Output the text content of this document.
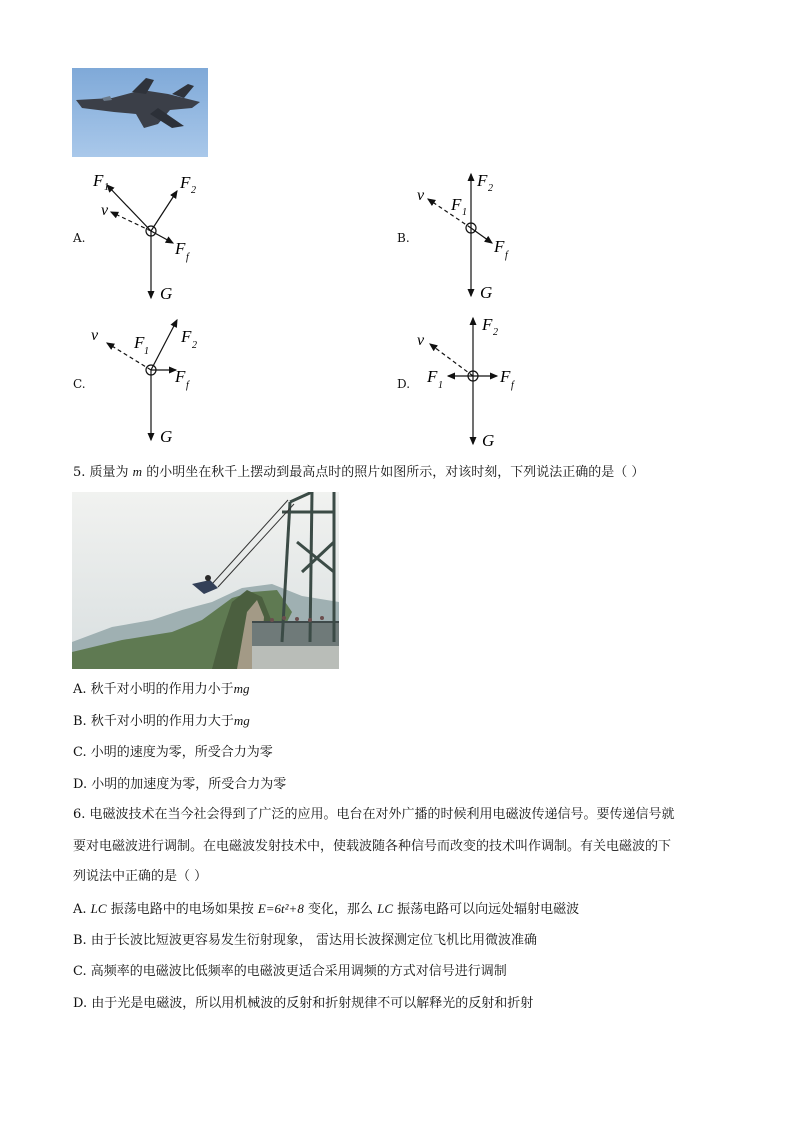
A.
F 1	F 2
v
F f
G
B.
F 2
v F 1
F f
G
C.
v F 1
F 2
F f
G
D.
F 2
v
F 1	F f
G
5. 质量为 m 的小明坐在秋千上摆动到最高点时的照片如图所示，对该时刻，下列说法正确的是（ ）
A. 秋千对小明的作用力小于mg
B. 秋千对小明的作用力大于mg
C. 小明的速度为零，所受合力为零
D. 小明的加速度为零，所受合力为零
6. 电磁波技术在当今社会得到了广泛的应用。电台在对外广播的时候利用电磁波传递信号。要传递信号就
要对电磁波进行调制。在电磁波发射技术中，使载波随各种信号而改变的技术叫作调制。有关电磁波的下
列说法中正确的是（ ）
A. LC 振荡电路中的电场如果按 E=6t²+8 变化，那么 LC 振荡电路可以向远处辐射电磁波
B. 由于长波比短波更容易发生衍射现象， 雷达用长波探测定位飞机比用微波准确
C. 高频率的电磁波比低频率的电磁波更适合采用调频的方式对信号进行调制
D. 由于光是电磁波，所以用机械波的反射和折射规律不可以解释光的反射和折射
